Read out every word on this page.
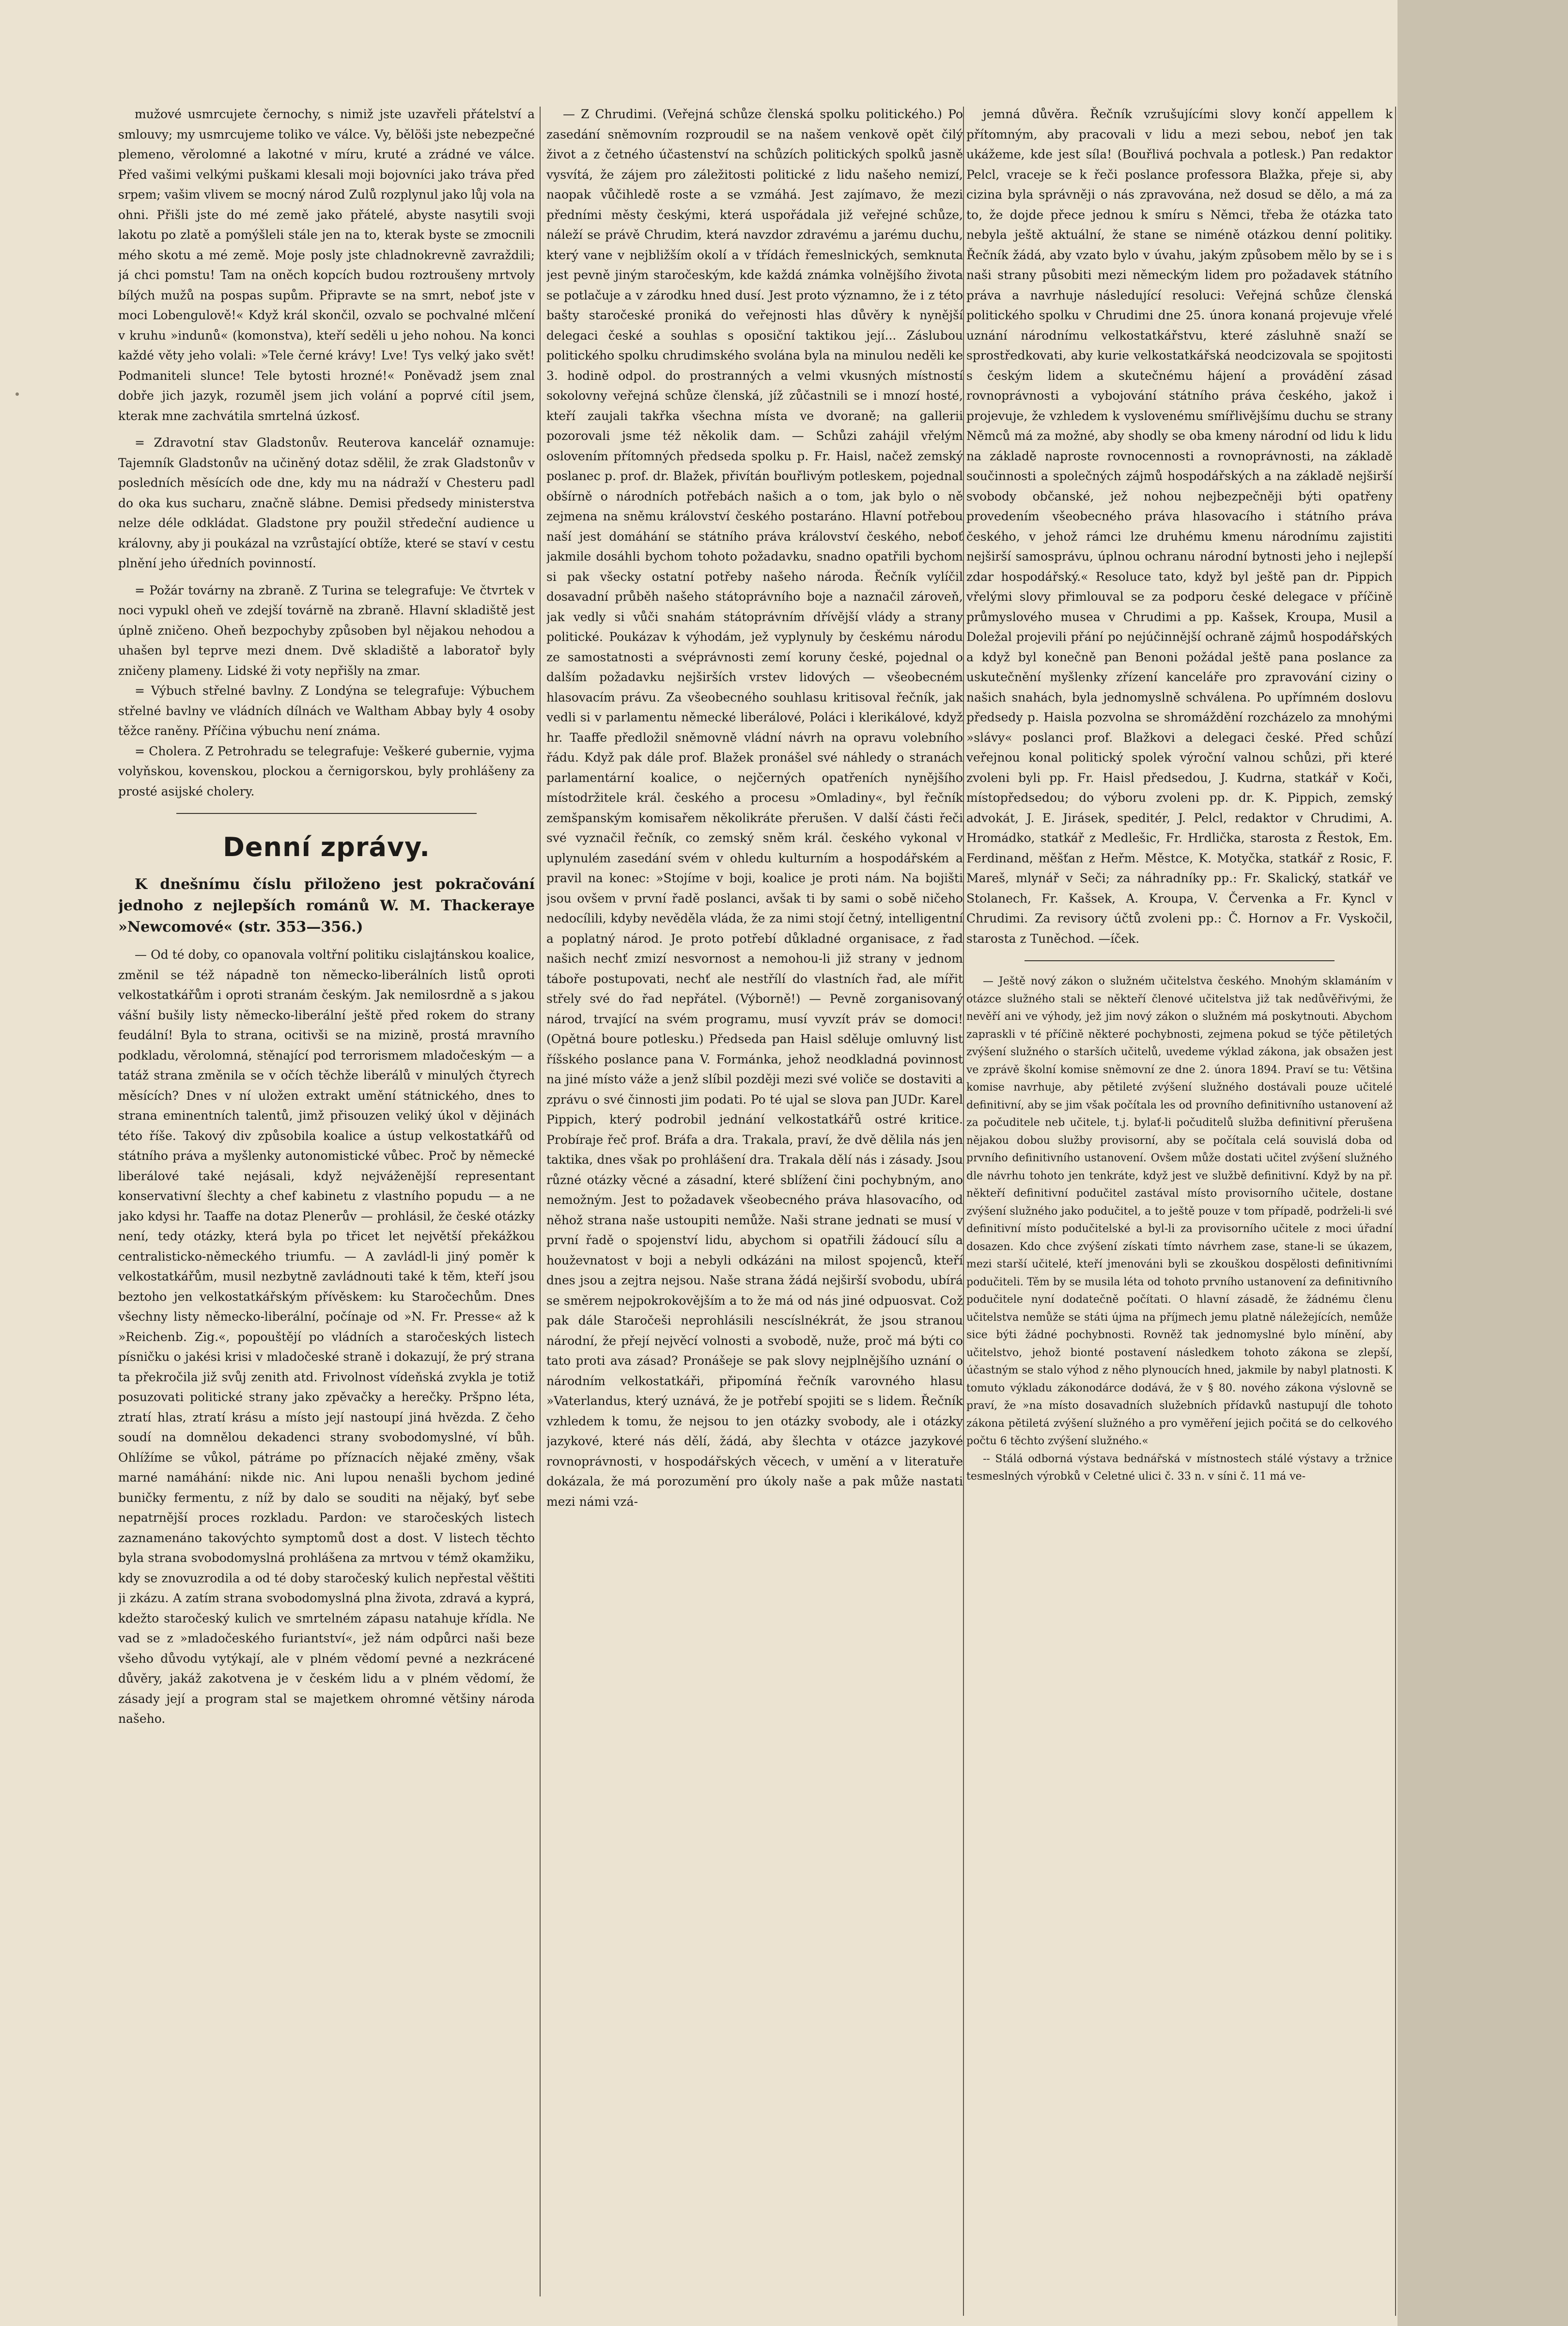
mužové usmrcujete černochy, s nimiž jste uzavřeli přátelství a smlouvy; my usmrcujeme toliko ve válce. Vy, bělöši jste nebezpečné plemeno, věrolomné a lakotné v míru, kruté a zrádné ve válce. Před vašimi velkými puškami klesali moji bojovníci jako tráva před srpem; vašim vlivem se mocný národ Zulů rozplynul jako lůj vola na ohni. Přišli jste do mé země jako přátelé, abyste nasytili svoji lakotu po zlatě a pomýšleli stále jen na to, kterak byste se zmocnili mého skotu a mé země. Moje posly jste chladnokrevně zavraždili; já chci pomstu! Tam na oněch kopcích budou roztroušeny mrtvoly bílých mužů na pospas supům. Připravte se na smrt, neboť jste v moci Lobengulově!« Když král skončil, ozvalo se pochvalné mlčení v kruhu »indunů« (komonstva), kteří seděli u jeho nohou. Na konci každé věty jeho volali: »Tele černé krávy! Lve! Tys velký jako svět! Podmaniteli slunce! Tele bytosti hrozné!« Poněvadž jsem znal dobře jich jazyk, rozuměl jsem jich volání a poprvé cítil jsem, kterak mne zachvátila smrtelná úzkosť.

= Zdravotní stav Gladstonův. Reuterova kancelář oznamuje: Tajemník Gladstonův na učiněný dotaz sdělil, že zrak Gladstonův v posledních měsících ode dne, kdy mu na nádraží v Chesteru padl do oka kus sucharu, značně slábne. Demisi předsedy ministerstva nelze déle odkládat. Gladstone pry použil středeční audience u královny, aby ji poukázal na vzrůstající obtíže, které se staví v cestu plnění jeho úředních povinností.

= Požár továrny na zbraně. Z Turina se telegrafuje: Ve čtvrtek v noci vypukl oheň ve zdejší továrně na zbraně. Hlavní skladiště jest úplně zničeno. Oheň bezpochyby způsoben byl nějakou nehodou a uhašen byl teprve mezi dnem. Dvě skladiště a laboratoř byly zničeny plameny. Lidské ži voty nepřišly na zmar.

= Výbuch střelné bavlny. Z Londýna se telegrafuje: Výbuchem střelné bavlny ve vládních dílnách ve Waltham Abbay byly 4 osoby těžce raněny. Příčina výbuchu není známa.

= Cholera. Z Petrohradu se telegrafuje: Veškeré gubernie, vyjma volyňskou, kovenskou, plockou a černigorskou, byly prohlášeny za prosté asijské cholery.

Denní zprávy.

K dnešnímu číslu přiloženo jest pokračování jednoho z nejlepších románů W. M. Thackeraye »Newcomové« (str. 353—356.)

— Od té doby, co opanovala voltřní politiku cislajtánskou koalice, změnil se též nápadně ton německo-liberálních listů oproti velkostatkářům i oproti stranám českým. Jak nemilosrdně a s jakou vášní bušily listy německo-liberální ještě před rokem do strany feudální! Byla to strana, ocitivši se na mizině, prostá mravního podkladu, věrolomná, stěnající pod terrorismem mladočeským — a tatáž strana změnila se v očích těchže liberálů v minulých čtyrech měsících? Dnes v ní uložen extrakt umění státnického, dnes to strana eminentních talentů, jimž přisouzen veliký úkol v dějinách této říše. Takový div způsobila koalice a ústup velkostatkářů od státního práva a myšlenky autonomistické vůbec. Proč by německé liberálové také nejásali, když nejváženější representant konservativní šlechty a chef kabinetu z vlastního popudu — a ne jako kdysi hr. Taaffe na dotaz Plenerův — prohlásil, že české otázky není, tedy otázky, která byla po třicet let největší překážkou centralisticko-německého triumfu. — A zavládl-li jiný poměr k velkostatkářům, musil nezbytně zavládnouti také k těm, kteří jsou beztoho jen velkostatkářským přívěskem: ku Staročechům. Dnes všechny listy německo-liberální, počínaje od »N. Fr. Presse« až k »Reichenb. Zig.«, popouštějí po vládních a staročeských listech písničku o jakési krisi v mladočeské straně i dokazují, že prý strana ta překročila již svůj zenith atd. Frivolnost vídeňská zvykla je totiž posuzovati politické strany jako zpěvačky a herečky. Pršpno léta, ztratí hlas, ztratí krásu a místo její nastoupí jiná hvězda. Z čeho soudí na domnělou dekadenci strany svobodomyslné, ví bůh. Ohlížíme se vůkol, pátráme po příznacích nějaké změny, však marné namáhání: nikde nic. Ani lupou nenašli bychom jediné buničky fermentu, z níž by dalo se souditi na nějaký, byť sebe nepatrnější proces rozkladu. Pardon: ve staročeských listech zaznamenáno takovýchto symptomů dost a dost. V listech těchto byla strana svobodomyslná prohlášena za mrtvou v témž okamžiku, kdy se znovuzrodila a od té doby staročeský kulich nepřestal věštiti ji zkázu. A zatím strana svobodomyslná plna života, zdravá a kyprá, kdežto staročeský kulich ve smrtelném zápasu natahuje křídla. Ne vad se z »mladočeského furiantství«, jež nám odpůrci naši beze všeho důvodu vytýkají, ale v plném vědomí pevné a nezkrácené důvěry, jakáž zakotvena je v českém lidu a v plném vědomí, že zásady její a program stal se majetkem ohromné většiny národa našeho.

— Z Chrudimi. (Veřejná schůze členská spolku politického.) Po zasedání sněmovním rozproudil se na našem venkově opět čilý život a z četného účastenství na schůzích politických spolků jasně vysvítá, že zájem pro záležitosti politické z lidu našeho nemizí, naopak vůčihledě roste a se vzmáhá. Jest zajímavo, že mezi předními městy českými, která uspořádala již veřejné schůze, náleží se právě Chrudim, která navzdor zdravému a jarému duchu, který vane v nejbližším okolí a v třídách řemeslnických, semknuta jest pevně jiným staročeským, kde každá známka volnějšího života se potlačuje a v zárodku hned dusí. Jest proto významno, že i z této bašty staročeské proniká do veřejnosti hlas důvěry k nynější delegaci české a souhlas s oposiční taktikou její... Záslubou politického spolku chrudimského svolána byla na minulou neděli ke 3. hodině odpol. do prostranných a velmi vkusných místností sokolovny veřejná schůze členská, jíž zůčastnili se i mnozí hosté, kteří zaujali takřka všechna místa ve dvoraně; na gallerii pozorovali jsme též několik dam. — Schůzi zahájil vřelým oslovením přítomných předseda spolku p. Fr. Haisl, načež zemský poslanec p. prof. dr. Blažek, přivítán bouřlivým potleskem, pojednal obšírně o národních potřebách našich a o tom, jak bylo o ně zejmena na sněmu království českého postaráno. Hlavní potřebou naší jest domáhání se státního práva království českého, neboť jakmile dosáhli bychom tohoto požadavku, snadno opatřili bychom si pak všecky ostatní potřeby našeho národa. Řečník vylíčil dosavadní průběh našeho státoprávního boje a naznačil zároveň, jak vedly si vůči snahám státoprávním dřívější vlády a strany politické. Poukázav k výhodám, jež vyplynuly by českému národu ze samostatnosti a svéprávnosti zemí koruny české, pojednal o dalším požadavku nejširších vrstev lidových — všeobecném hlasovacím právu. Za všeobecného souhlasu kritisoval řečník, jak vedli si v parlamentu německé liberálové, Poláci i klerikálové, když hr. Taaffe předložil sněmovně vládní návrh na opravu volebního řádu. Když pak dále prof. Blažek pronášel své náhledy o stranách parlamentární koalice, o nejčerných opatřeních nynějšího místodržitele král. českého a procesu »Omladiny«, byl řečník zemšpanským komisařem několikráte přerušen. V další části řeči své vyznačil řečník, co zemský sněm král. českého vykonal v uplynulém zasedání svém v ohledu kulturním a hospodářském a pravil na konec: »Stojíme v boji, koalice je proti nám. Na bojišti jsou ovšem v první řadě poslanci, avšak ti by sami o sobě ničeho nedocílili, kdyby nevěděla vláda, že za nimi stojí četný, intelligentní a poplatný národ. Je proto potřebí důkladné organisace, z řad našich nechť zmizí nesvornost a nemohou-li již strany v jednom táboře postupovati, nechť ale nestřílí do vlastních řad, ale mířit střely své do řad nepřátel. (Výborně!) — Pevně zorganisovaný národ, trvající na svém programu, musí vyvzít práv se domoci! (Opětná boure potlesku.) Předseda pan Haisl sděluje omluvný list říšského poslance pana V. Formánka, jehož neodkladná povinnost na jiné místo váže a jenž slíbil později mezi své voliče se dostaviti a zprávu o své činnosti jim podati. Po té ujal se slova pan JUDr. Karel Pippich, který podrobil jednání velkostatkářů ostré kritice. Probíraje řeč prof. Bráfa a dra. Trakala, praví, že dvě dělila nás jen taktika, dnes však po prohlášení dra. Trakala dělí nás i zásady. Jsou různé otázky věcné a zásadní, které sblížení čini pochybným, ano nemožným. Jest to požadavek všeobecného práva hlasovacího, od něhož strana naše ustoupiti nemůže. Naši strane jednati se musí v první řadě o spojenství lidu, abychom si opatřili žádoucí sílu a houževnatost v boji a nebyli odkázáni na milost spojenců, kteří dnes jsou a zejtra nejsou. Naše strana žádá nejširší svobodu, ubírá se směrem nejpokrokovějším a to že má od nás jiné odpuosvat. Což pak dále Staročeši neprohlásili nescíslnékrát, že jsou stranou národní, že přejí nejvěcí volnosti a svobodě, nuže, proč má býti co tato proti ava zásad? Pronášeje se pak slovy nejplnějšího uznání o národním velkostatkáři, připomíná řečník varovného hlasu »Vaterlandus, který uznává, že je potřebí spojiti se s lidem. Řečník vzhledem k tomu, že nejsou to jen otázky svobody, ale i otázky jazykové, které nás dělí, žádá, aby šlechta v otázce jazykové rovnoprávnosti, v hospodářských věcech, v umění a v literatuře dokázala, že má porozumění pro úkoly naše a pak může nastati mezi námi vzá-

jemná důvěra. Řečník vzrušujícími slovy končí appellem k přítomným, aby pracovali v lidu a mezi sebou, neboť jen tak ukážeme, kde jest síla! (Bouřlivá pochvala a potlesk.) Pan redaktor Pelcl, vraceje se k řeči poslance professora Blažka, přeje si, aby cizina byla správněji o nás zpravována, než dosud se dělo, a má za to, že dojde přece jednou k smíru s Němci, třeba že otázka tato nebyla ještě aktuální, že stane se niméně otázkou denní politiky. Řečník žádá, aby vzato bylo v úvahu, jakým způsobem mělo by se i s naši strany působiti mezi německým lidem pro požadavek státního práva a navrhuje následující resoluci: Veřejná schůze členská politického spolku v Chrudimi dne 25. února konaná projevuje vřelé uznání národnímu velkostatkářstvu, které zásluhně snaží se sprostředkovati, aby kurie velkostatkářská neodcizovala se spojitosti s českým lidem a skutečnému hájení a provádění zásad rovnoprávnosti a vybojování státního práva českého, jakož i projevuje, že vzhledem k vyslovenému smířlivějšímu duchu se strany Němců má za možné, aby shodly se oba kmeny národní od lidu k lidu na základě naproste rovnocennosti a rovnoprávnosti, na základě součinnosti a společných zájmů hospodářských a na základě nejširší svobody občanské, jež nohou nejbezpečněji býti opatřeny provedením všeobecného práva hlasovacího i státního práva českého, v jehož rámci lze druhému kmenu národnímu zajistiti nejširší samosprávu, úplnou ochranu národní bytnosti jeho i nejlepší zdar hospodářský.« Resoluce tato, když byl ještě pan dr. Pippich vřelými slovy přimlouval se za podporu české delegace v příčině průmyslového musea v Chrudimi a pp. Kašsek, Kroupa, Musil a Doležal projevili přání po nejúčinnější ochraně zájmů hospodářských a když byl konečně pan Benoni požádal ještě pana poslance za uskutečnění myšlenky zřízení kanceláře pro zpravování ciziny o našich snahách, byla jednomyslně schválena. Po upřímném doslovu předsedy p. Haisla pozvolna se shromáždění rozcházelo za mnohými »slávy« poslanci prof. Blažkovi a delegaci české. Před schůzí veřejnou konal politický spolek výroční valnou schůzi, při které zvoleni byli pp. Fr. Haisl předsedou, J. Kudrna, statkář v Koči, místopředsedou; do výboru zvoleni pp. dr. K. Pippich, zemský advokát, J. E. Jirásek, speditér, J. Pelcl, redaktor v Chrudimi, A. Hromádko, statkář z Medlešic, Fr. Hrdlička, starosta z Řestok, Em. Ferdinand, měšťan z Heřm. Městce, K. Motyčka, statkář z Rosic, F. Mareš, mlynář v Seči; za náhradníky pp.: Fr. Skalický, statkář ve Stolanech, Fr. Kašsek, A. Kroupa, V. Červenka a Fr. Kyncl v Chrudimi. Za revisory účtů zvoleni pp.: Č. Hornov a Fr. Vyskočil, starosta z Tuněchod. —íček.

— Ještě nový zákon o služném učitelstva českého. Mnohým sklamáním v otázce služného stali se někteří členové učitelstva již tak nedůvěřivými, že nevěří ani ve výhody, jež jim nový zákon o služném má poskytnouti. Abychom zapraskli v té příčině některé pochybnosti, zejmena pokud se týče pětiletých zvýšení služného o starších učitelů, uvedeme výklad zákona, jak obsažen jest ve zprávě školní komise sněmovní ze dne 2. února 1894. Praví se tu: Většina komise navrhuje, aby pětileté zvýšení služného dostávali pouze učitelé definitivní, aby se jim však počítala les od provního definitivního ustanovení až za počuditele neb učitele, t.j. bylať-li počuditelů služba definitivní přerušena nějakou dobou služby provisorní, aby se počítala celá souvislá doba od prvního definitivního ustanovení. Ovšem může dostati učitel zvýšení služného dle návrhu tohoto jen tenkráte, když jest ve službě definitivní. Když by na př. někteří definitivní podučitel zastával místo provisorního učitele, dostane zvýšení služného jako podučitel, a to ještě pouze v tom případě, podrželi-li své definitivní místo podučitelské a byl-li za provisorního učitele z moci úřadní dosazen. Kdo chce zvýšení získati tímto návrhem zase, stane-li se úkazem, mezi starší učitelé, kteří jmenováni byli se zkouškou dospělosti definitivními podučiteli. Těm by se musila léta od tohoto prvního ustanovení za definitivního podučitele nyní dodatečně počítati. O hlavní zásadě, že žádnému členu učitelstva nemůže se státi újma na příjmech jemu platně náležejících, nemůže sice býti žádné pochybnosti. Rovněž tak jednomyslné bylo mínění, aby učitelstvo, jehož bionté postavení následkem tohoto zákona se zlepší, účastným se stalo výhod z něho plynoucích hned, jakmile by nabyl platnosti. K tomuto výkladu zákonodárce dodává, že v § 80. nového zákona výslovně se praví, že »na místo dosavadních služebních přídavků nastupují dle tohoto zákona pětiletá zvýšení služného a pro vyměření jejich počitá se do celkového počtu 6 těchto zvýšení služného.«

-- Stálá odborná výstava bednářská v místnostech stálé výstavy a tržnice tesmeslných výrobků v Celetné ulici č. 33 n. v síni č. 11 má ve-
